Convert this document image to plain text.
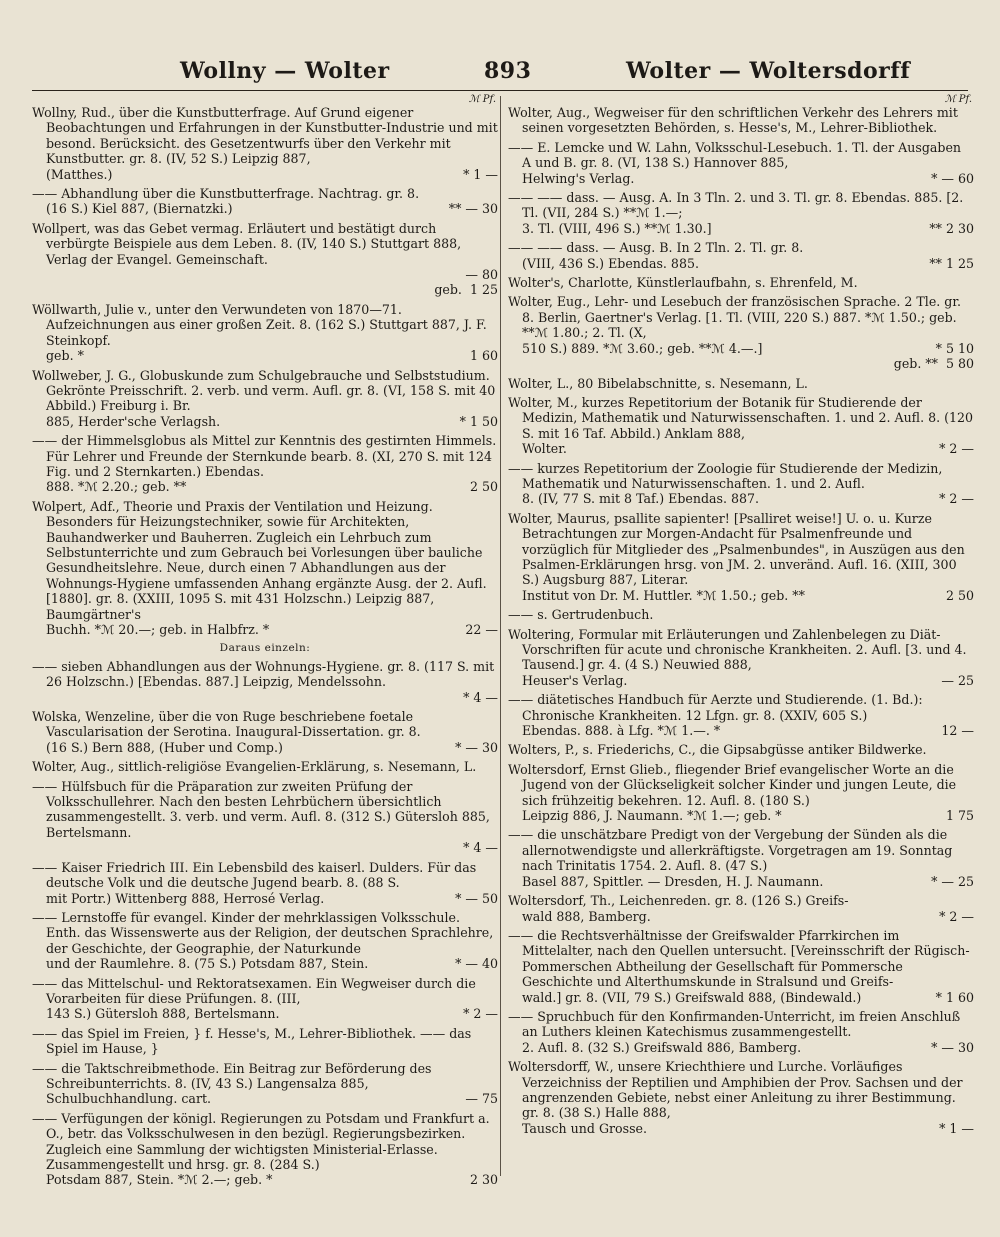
Wollny — Wolter	893	Wolter — Woltersdorff
ℳ Pf.

Wollny, Rud., über die Kunstbutterfrage. Auf Grund eigener Beobachtungen und Erfahrungen in der Kunstbutter-Industrie und mit besond. Berücksicht. des Gesetzentwurfs über den Verkehr mit Kunstbutter. gr. 8. (IV, 52 S.) Leipzig 887,

(Matthes.)	* 1 —

—— Abhandlung über die Kunstbutterfrage. Nachtrag. gr. 8.

(16 S.) Kiel 887, (Biernatzki.)	** — 30

Wollpert, was das Gebet vermag. Erläutert und bestätigt durch verbürgte Beispiele aus dem Leben. 8. (IV, 140 S.) Stuttgart 888, Verlag der Evangel. Gemeinschaft.

— 80
geb. 1 25

Wöllwarth, Julie v., unter den Verwundeten von 1870—71. Aufzeichnungen aus einer großen Zeit. 8. (162 S.) Stuttgart 887, J. F. Steinkopf.

geb. *	1 60

Wollweber, J. G., Globuskunde zum Schulgebrauche und Selbststudium. Gekrönte Preisschrift. 2. verb. und verm. Aufl. gr. 8. (VI, 158 S. mit 40 Abbild.) Freiburg i. Br.

885, Herder'sche Verlagsh.	* 1 50

—— der Himmelsglobus als Mittel zur Kenntnis des gestirnten Himmels. Für Lehrer und Freunde der Sternkunde bearb. 8. (XI, 270 S. mit 124 Fig. und 2 Sternkarten.) Ebendas.

888. *ℳ 2.20.; geb. **	2 50

Wolpert, Adf., Theorie und Praxis der Ventilation und Heizung. Besonders für Heizungstechniker, sowie für Architekten, Bauhandwerker und Bauherren. Zugleich ein Lehrbuch zum Selbstunterrichte und zum Gebrauch bei Vorlesungen über bauliche Gesundheitslehre. Neue, durch einen 7 Abhandlungen aus der Wohnungs-Hygiene umfassenden Anhang ergänzte Ausg. der 2. Aufl. [1880]. gr. 8. (XXIII, 1095 S. mit 431 Holzschn.) Leipzig 887, Baumgärtner's

Buchh. *ℳ 20.—; geb. in Halbfrz. *	22 —
Daraus einzeln:

—— sieben Abhandlungen aus der Wohnungs-Hygiene. gr. 8. (117 S. mit 26 Holzschn.) [Ebendas. 887.] Leipzig, Mendelssohn.

* 4 —

Wolska, Wenzeline, über die von Ruge beschriebene foetale Vascularisation der Serotina. Inaugural-Dissertation. gr. 8.

(16 S.) Bern 888, (Huber und Comp.)	* — 30

Wolter, Aug., sittlich-religiöse Evangelien-Erklärung, s. Nesemann, L.

—— Hülfsbuch für die Präparation zur zweiten Prüfung der Volksschullehrer. Nach den besten Lehrbüchern übersichtlich zusammengestellt. 3. verb. und verm. Aufl. 8. (312 S.) Gütersloh 885, Bertelsmann.

* 4 —

—— Kaiser Friedrich III. Ein Lebensbild des kaiserl. Dulders. Für das deutsche Volk und die deutsche Jugend bearb. 8. (88 S.

mit Portr.) Wittenberg 888, Herrosé Verlag.	* — 50

—— Lernstoffe für evangel. Kinder der mehrklassigen Volksschule. Enth. das Wissenswerte aus der Religion, der deutschen Sprachlehre, der Geschichte, der Geographie, der Naturkunde

und der Raumlehre. 8. (75 S.) Potsdam 887, Stein.	* — 40

—— das Mittelschul- und Rektoratsexamen. Ein Wegweiser durch die Vorarbeiten für diese Prüfungen. 8. (III,

143 S.) Gütersloh 888, Bertelsmann.	* 2 —

—— das Spiel im Freien, } f. Hesse's, M., Lehrer-Bibliothek. —— das Spiel im Hause, }

—— die Taktschreibmethode. Ein Beitrag zur Beförderung des Schreibunterrichts. 8. (IV, 43 S.) Langensalza 885,

Schulbuchhandlung. cart.	— 75

—— Verfügungen der königl. Regierungen zu Potsdam und Frankfurt a. O., betr. das Volksschulwesen in den bezügl. Regierungsbezirken. Zugleich eine Sammlung der wichtigsten Ministerial-Erlasse. Zusammengestellt und hrsg. gr. 8. (284 S.)

Potsdam 887, Stein. *ℳ 2.—; geb. *	2 30
ℳ Pf.

Wolter, Aug., Wegweiser für den schriftlichen Verkehr des Lehrers mit seinen vorgesetzten Behörden, s. Hesse's, M., Lehrer-Bibliothek.

—— E. Lemcke und W. Lahn, Volksschul-Lesebuch. 1. Tl. der Ausgaben A und B. gr. 8. (VI, 138 S.) Hannover 885,

Helwing's Verlag.	* — 60

—— —— dass. — Ausg. A. In 3 Tln. 2. und 3. Tl. gr. 8. Ebendas. 885. [2. Tl. (VII, 284 S.) **ℳ 1.—;

3. Tl. (VIII, 496 S.) **ℳ 1.30.]	** 2 30

—— —— dass. — Ausg. B. In 2 Tln. 2. Tl. gr. 8.

(VIII, 436 S.) Ebendas. 885.	** 1 25

Wolter's, Charlotte, Künstlerlaufbahn, s. Ehrenfeld, M.

Wolter, Eug., Lehr- und Lesebuch der französischen Sprache. 2 Tle. gr. 8. Berlin, Gaertner's Verlag. [1. Tl. (VIII, 220 S.) 887. *ℳ 1.50.; geb. **ℳ 1.80.; 2. Tl. (X,

510 S.) 889. *ℳ 3.60.; geb. **ℳ 4.—.]	* 5 10
geb. ** 5 80

Wolter, L., 80 Bibelabschnitte, s. Nesemann, L.

Wolter, M., kurzes Repetitorium der Botanik für Studierende der Medizin, Mathematik und Naturwissenschaften. 1. und 2. Aufl. 8. (120 S. mit 16 Taf. Abbild.) Anklam 888,

Wolter.	* 2 —

—— kurzes Repetitorium der Zoologie für Studierende der Medizin, Mathematik und Naturwissenschaften. 1. und 2. Aufl.

8. (IV, 77 S. mit 8 Taf.) Ebendas. 887.	* 2 —

Wolter, Maurus, psallite sapienter! [Psalliret weise!] U. o. u. Kurze Betrachtungen zur Morgen-Andacht für Psalmenfreunde und vorzüglich für Mitglieder des „Psalmenbundes", in Auszügen aus den Psalmen-Erklärungen hrsg. von JM. 2. unveränd. Aufl. 16. (XIII, 300 S.) Augsburg 887, Literar.

Institut von Dr. M. Huttler. *ℳ 1.50.; geb. **	2 50

—— s. Gertrudenbuch.

Woltering, Formular mit Erläuterungen und Zahlenbelegen zu Diät-Vorschriften für acute und chronische Krankheiten. 2. Aufl. [3. und 4. Tausend.] gr. 4. (4 S.) Neuwied 888,

Heuser's Verlag.	— 25

—— diätetisches Handbuch für Aerzte und Studierende. (1. Bd.): Chronische Krankheiten. 12 Lfgn. gr. 8. (XXIV, 605 S.)

Ebendas. 888. à Lfg. *ℳ 1.—. *	12 —

Wolters, P., s. Friederichs, C., die Gipsabgüsse antiker Bildwerke.

Woltersdorf, Ernst Glieb., fliegender Brief evangelischer Worte an die Jugend von der Glückseligkeit solcher Kinder und jungen Leute, die sich frühzeitig bekehren. 12. Aufl. 8. (180 S.)

Leipzig 886, J. Naumann. *ℳ 1.—; geb. *	1 75

—— die unschätzbare Predigt von der Vergebung der Sünden als die allernotwendigste und allerkräftigste. Vorgetragen am 19. Sonntag nach Trinitatis 1754. 2. Aufl. 8. (47 S.)

Basel 887, Spittler. — Dresden, H. J. Naumann.	* — 25

Woltersdorf, Th., Leichenreden. gr. 8. (126 S.) Greifs-

wald 888, Bamberg.	* 2 —

—— die Rechtsverhältnisse der Greifswalder Pfarrkirchen im Mittelalter, nach den Quellen untersucht. [Vereinsschrift der Rügisch-Pommerschen Abtheilung der Gesellschaft für Pommersche Geschichte und Alterthumskunde in Stralsund und Greifs-

wald.] gr. 8. (VII, 79 S.) Greifswald 888, (Bindewald.)	* 1 60

—— Spruchbuch für den Konfirmanden-Unterricht, im freien Anschluß an Luthers kleinen Katechismus zusammengestellt.

2. Aufl. 8. (32 S.) Greifswald 886, Bamberg.	* — 30

Woltersdorff, W., unsere Kriechthiere und Lurche. Vorläufiges Verzeichniss der Reptilien und Amphibien der Prov. Sachsen und der angrenzenden Gebiete, nebst einer Anleitung zu ihrer Bestimmung. gr. 8. (38 S.) Halle 888,

Tausch und Grosse.	* 1 —
